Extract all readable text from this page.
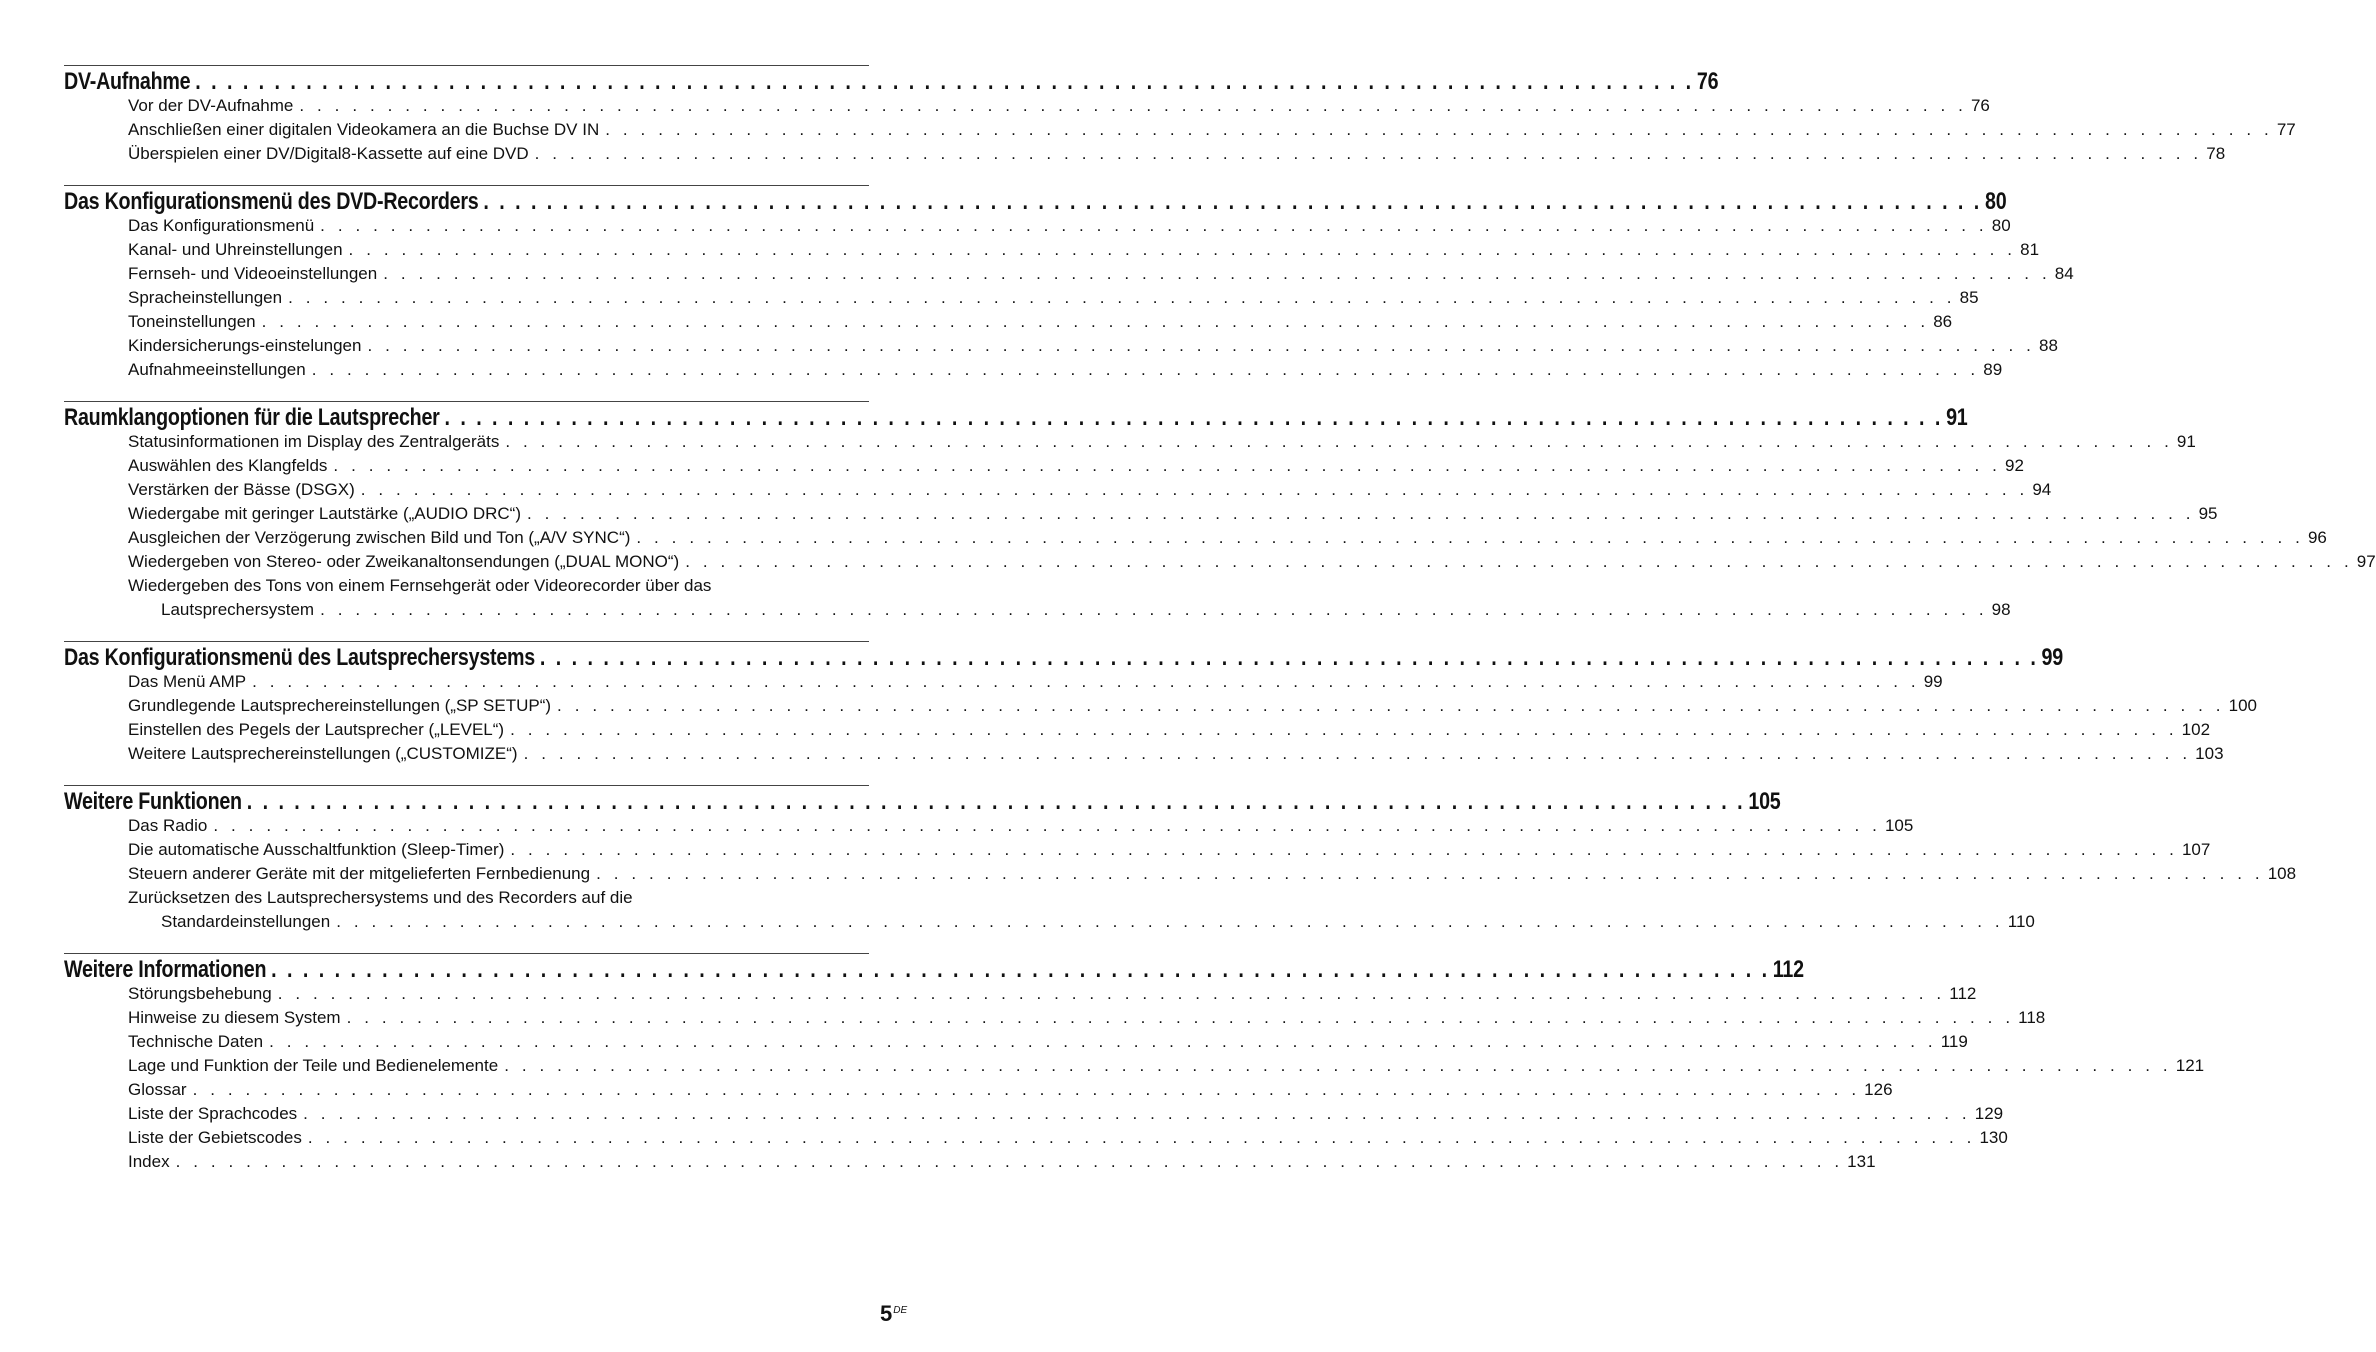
DV-Aufnahme . . . . . . . . . . . . . . . . . . . . . . . . . . . . . . . . . . . . . . . . . . . . . . . . . . . . . . . . . . . . . . . . . . . . . . . . . . . . . . . . . . . . . . . . . . . . . . . 76
Vor der DV-Aufnahme . . . . . . . . . . . . . . . . . . . . . . . . . . . . . . . . . . . . . . . . . . . . . . . . . . . . . . . . . . . . . . . . . . . . . . . . . . . . . . . . . . . . . . . . . . . . . . . 76
Anschließen einer digitalen Videokamera an die Buchse DV IN . . . . . . . . . . . . . . . . . . . . . . . . . . . . . . . . . . . . . . . . . . . . . . . . . . . . . . . . . . . . . . . . . . . . . . . . . . . . . . . . . . . . . . . . . . . . . . . 77
Überspielen einer DV/Digital8-Kassette auf eine DVD . . . . . . . . . . . . . . . . . . . . . . . . . . . . . . . . . . . . . . . . . . . . . . . . . . . . . . . . . . . . . . . . . . . . . . . . . . . . . . . . . . . . . . . . . . . . . . . 78
Das Konfigurationsmenü des DVD-Recorders . . . . . . . . . . . . . . . . . . . . . . . . . . . . . . . . . . . . . . . . . . . . . . . . . . . . . . . . . . . . . . . . . . . . . . . . . . . . . . . . . . . . . . . . . . . . . . . 80
Das Konfigurationsmenü . . . . . . . . . . . . . . . . . . . . . . . . . . . . . . . . . . . . . . . . . . . . . . . . . . . . . . . . . . . . . . . . . . . . . . . . . . . . . . . . . . . . . . . . . . . . . . . 80
Kanal- und Uhreinstellungen . . . . . . . . . . . . . . . . . . . . . . . . . . . . . . . . . . . . . . . . . . . . . . . . . . . . . . . . . . . . . . . . . . . . . . . . . . . . . . . . . . . . . . . . . . . . . . . 81
Fernseh- und Videoeinstellungen . . . . . . . . . . . . . . . . . . . . . . . . . . . . . . . . . . . . . . . . . . . . . . . . . . . . . . . . . . . . . . . . . . . . . . . . . . . . . . . . . . . . . . . . . . . . . . . 84
Spracheinstellungen . . . . . . . . . . . . . . . . . . . . . . . . . . . . . . . . . . . . . . . . . . . . . . . . . . . . . . . . . . . . . . . . . . . . . . . . . . . . . . . . . . . . . . . . . . . . . . . 85
Toneinstellungen . . . . . . . . . . . . . . . . . . . . . . . . . . . . . . . . . . . . . . . . . . . . . . . . . . . . . . . . . . . . . . . . . . . . . . . . . . . . . . . . . . . . . . . . . . . . . . . 86
Kindersicherungs-einstelungen . . . . . . . . . . . . . . . . . . . . . . . . . . . . . . . . . . . . . . . . . . . . . . . . . . . . . . . . . . . . . . . . . . . . . . . . . . . . . . . . . . . . . . . . . . . . . . . 88
Aufnahmeeinstellungen . . . . . . . . . . . . . . . . . . . . . . . . . . . . . . . . . . . . . . . . . . . . . . . . . . . . . . . . . . . . . . . . . . . . . . . . . . . . . . . . . . . . . . . . . . . . . . . 89
Raumklangoptionen für die Lautsprecher . . . . . . . . . . . . . . . . . . . . . . . . . . . . . . . . . . . . . . . . . . . . . . . . . . . . . . . . . . . . . . . . . . . . . . . . . . . . . . . . . . . . . . . . . . . . . . . 91
Statusinformationen im Display des Zentralgeräts . . . . . . . . . . . . . . . . . . . . . . . . . . . . . . . . . . . . . . . . . . . . . . . . . . . . . . . . . . . . . . . . . . . . . . . . . . . . . . . . . . . . . . . . . . . . . . . 91
Auswählen des Klangfelds . . . . . . . . . . . . . . . . . . . . . . . . . . . . . . . . . . . . . . . . . . . . . . . . . . . . . . . . . . . . . . . . . . . . . . . . . . . . . . . . . . . . . . . . . . . . . . . 92
Verstärken der Bässe (DSGX) . . . . . . . . . . . . . . . . . . . . . . . . . . . . . . . . . . . . . . . . . . . . . . . . . . . . . . . . . . . . . . . . . . . . . . . . . . . . . . . . . . . . . . . . . . . . . . . 94
Wiedergabe mit geringer Lautstärke („AUDIO DRC“) . . . . . . . . . . . . . . . . . . . . . . . . . . . . . . . . . . . . . . . . . . . . . . . . . . . . . . . . . . . . . . . . . . . . . . . . . . . . . . . . . . . . . . . . . . . . . . . 95
Ausgleichen der Verzögerung zwischen Bild und Ton („A/V SYNC“) . . . . . . . . . . . . . . . . . . . . . . . . . . . . . . . . . . . . . . . . . . . . . . . . . . . . . . . . . . . . . . . . . . . . . . . . . . . . . . . . . . . . . . . . . . . . . . . 96
Wiedergeben von Stereo- oder Zweikanaltonsendungen („DUAL MONO“) . . . . . . . . . . . . . . . . . . . . . . . . . . . . . . . . . . . . . . . . . . . . . . . . . . . . . . . . . . . . . . . . . . . . . . . . . . . . . . . . . . . . . . . . . . . . . . . 97
Wiedergeben des Tons von einem Fernsehgerät oder Videorecorder über das
Lautsprechersystem . . . . . . . . . . . . . . . . . . . . . . . . . . . . . . . . . . . . . . . . . . . . . . . . . . . . . . . . . . . . . . . . . . . . . . . . . . . . . . . . . . . . . . . . . . . . . . . 98
Das Konfigurationsmenü des Lautsprechersystems . . . . . . . . . . . . . . . . . . . . . . . . . . . . . . . . . . . . . . . . . . . . . . . . . . . . . . . . . . . . . . . . . . . . . . . . . . . . . . . . . . . . . . . . . . . . . . . 99
Das Menü AMP . . . . . . . . . . . . . . . . . . . . . . . . . . . . . . . . . . . . . . . . . . . . . . . . . . . . . . . . . . . . . . . . . . . . . . . . . . . . . . . . . . . . . . . . . . . . . . . 99
Grundlegende Lautsprechereinstellungen („SP SETUP“) . . . . . . . . . . . . . . . . . . . . . . . . . . . . . . . . . . . . . . . . . . . . . . . . . . . . . . . . . . . . . . . . . . . . . . . . . . . . . . . . . . . . . . . . . . . . . . . 100
Einstellen des Pegels der Lautsprecher („LEVEL“) . . . . . . . . . . . . . . . . . . . . . . . . . . . . . . . . . . . . . . . . . . . . . . . . . . . . . . . . . . . . . . . . . . . . . . . . . . . . . . . . . . . . . . . . . . . . . . . 102
Weitere Lautsprechereinstellungen („CUSTOMIZE“) . . . . . . . . . . . . . . . . . . . . . . . . . . . . . . . . . . . . . . . . . . . . . . . . . . . . . . . . . . . . . . . . . . . . . . . . . . . . . . . . . . . . . . . . . . . . . . . 103
Weitere Funktionen . . . . . . . . . . . . . . . . . . . . . . . . . . . . . . . . . . . . . . . . . . . . . . . . . . . . . . . . . . . . . . . . . . . . . . . . . . . . . . . . . . . . . . . . . . . . . . . 105
Das Radio . . . . . . . . . . . . . . . . . . . . . . . . . . . . . . . . . . . . . . . . . . . . . . . . . . . . . . . . . . . . . . . . . . . . . . . . . . . . . . . . . . . . . . . . . . . . . . . 105
Die automatische Ausschaltfunktion (Sleep-Timer) . . . . . . . . . . . . . . . . . . . . . . . . . . . . . . . . . . . . . . . . . . . . . . . . . . . . . . . . . . . . . . . . . . . . . . . . . . . . . . . . . . . . . . . . . . . . . . . 107
Steuern anderer Geräte mit der mitgelieferten Fernbedienung . . . . . . . . . . . . . . . . . . . . . . . . . . . . . . . . . . . . . . . . . . . . . . . . . . . . . . . . . . . . . . . . . . . . . . . . . . . . . . . . . . . . . . . . . . . . . . . 108
Zurücksetzen des Lautsprechersystems und des Recorders auf die
Standardeinstellungen . . . . . . . . . . . . . . . . . . . . . . . . . . . . . . . . . . . . . . . . . . . . . . . . . . . . . . . . . . . . . . . . . . . . . . . . . . . . . . . . . . . . . . . . . . . . . . . 110
Weitere Informationen . . . . . . . . . . . . . . . . . . . . . . . . . . . . . . . . . . . . . . . . . . . . . . . . . . . . . . . . . . . . . . . . . . . . . . . . . . . . . . . . . . . . . . . . . . . . . . . 112
Störungsbehebung . . . . . . . . . . . . . . . . . . . . . . . . . . . . . . . . . . . . . . . . . . . . . . . . . . . . . . . . . . . . . . . . . . . . . . . . . . . . . . . . . . . . . . . . . . . . . . . 112
Hinweise zu diesem System . . . . . . . . . . . . . . . . . . . . . . . . . . . . . . . . . . . . . . . . . . . . . . . . . . . . . . . . . . . . . . . . . . . . . . . . . . . . . . . . . . . . . . . . . . . . . . . 118
Technische Daten . . . . . . . . . . . . . . . . . . . . . . . . . . . . . . . . . . . . . . . . . . . . . . . . . . . . . . . . . . . . . . . . . . . . . . . . . . . . . . . . . . . . . . . . . . . . . . . 119
Lage und Funktion der Teile und Bedienelemente . . . . . . . . . . . . . . . . . . . . . . . . . . . . . . . . . . . . . . . . . . . . . . . . . . . . . . . . . . . . . . . . . . . . . . . . . . . . . . . . . . . . . . . . . . . . . . . 121
Glossar . . . . . . . . . . . . . . . . . . . . . . . . . . . . . . . . . . . . . . . . . . . . . . . . . . . . . . . . . . . . . . . . . . . . . . . . . . . . . . . . . . . . . . . . . . . . . . . 126
Liste der Sprachcodes . . . . . . . . . . . . . . . . . . . . . . . . . . . . . . . . . . . . . . . . . . . . . . . . . . . . . . . . . . . . . . . . . . . . . . . . . . . . . . . . . . . . . . . . . . . . . . . 129
Liste der Gebietscodes . . . . . . . . . . . . . . . . . . . . . . . . . . . . . . . . . . . . . . . . . . . . . . . . . . . . . . . . . . . . . . . . . . . . . . . . . . . . . . . . . . . . . . . . . . . . . . . 130
Index . . . . . . . . . . . . . . . . . . . . . . . . . . . . . . . . . . . . . . . . . . . . . . . . . . . . . . . . . . . . . . . . . . . . . . . . . . . . . . . . . . . . . . . . . . . . . . . 131
5DE
